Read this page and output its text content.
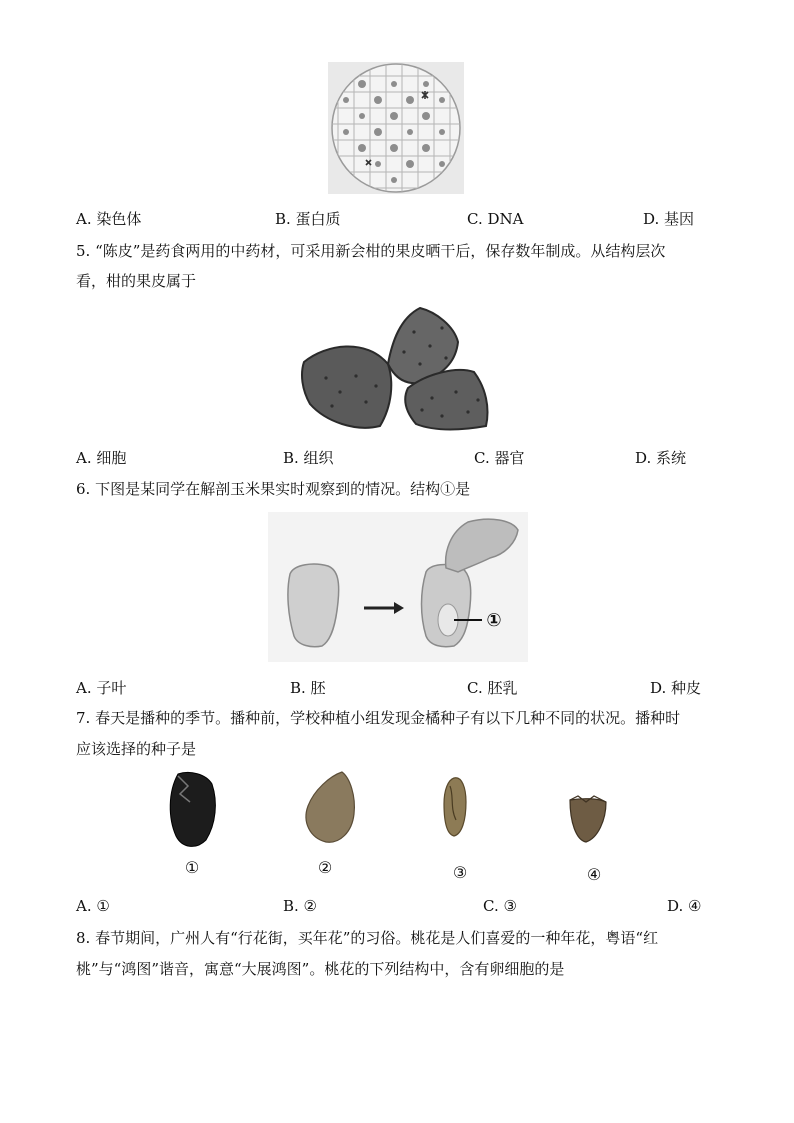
A. 染色体	B. 蛋白质	C. DNA	D. 基因
5. “陈皮”是药食两用的中药材，可采用新会柑的果皮晒干后，保存数年制成。从结构层次
看，柑的果皮属于
A. 细胞	B. 组织	C. 器官	D. 系统
6. 下图是某同学在解剖玉米果实时观察到的情况。结构①是
①
A. 子叶	B. 胚	C. 胚乳	D. 种皮
7. 春天是播种的季节。播种前，学校种植小组发现金橘种子有以下几种不同的状况。播种时
应该选择的种子是
①	②	③	④
A. ①	B. ②	C. ③	D. ④
8. 春节期间，广州人有“行花街，买年花”的习俗。桃花是人们喜爱的一种年花，粤语“红
桃”与“鸿图”谐音，寓意“大展鸿图”。桃花的下列结构中，含有卵细胞的是
